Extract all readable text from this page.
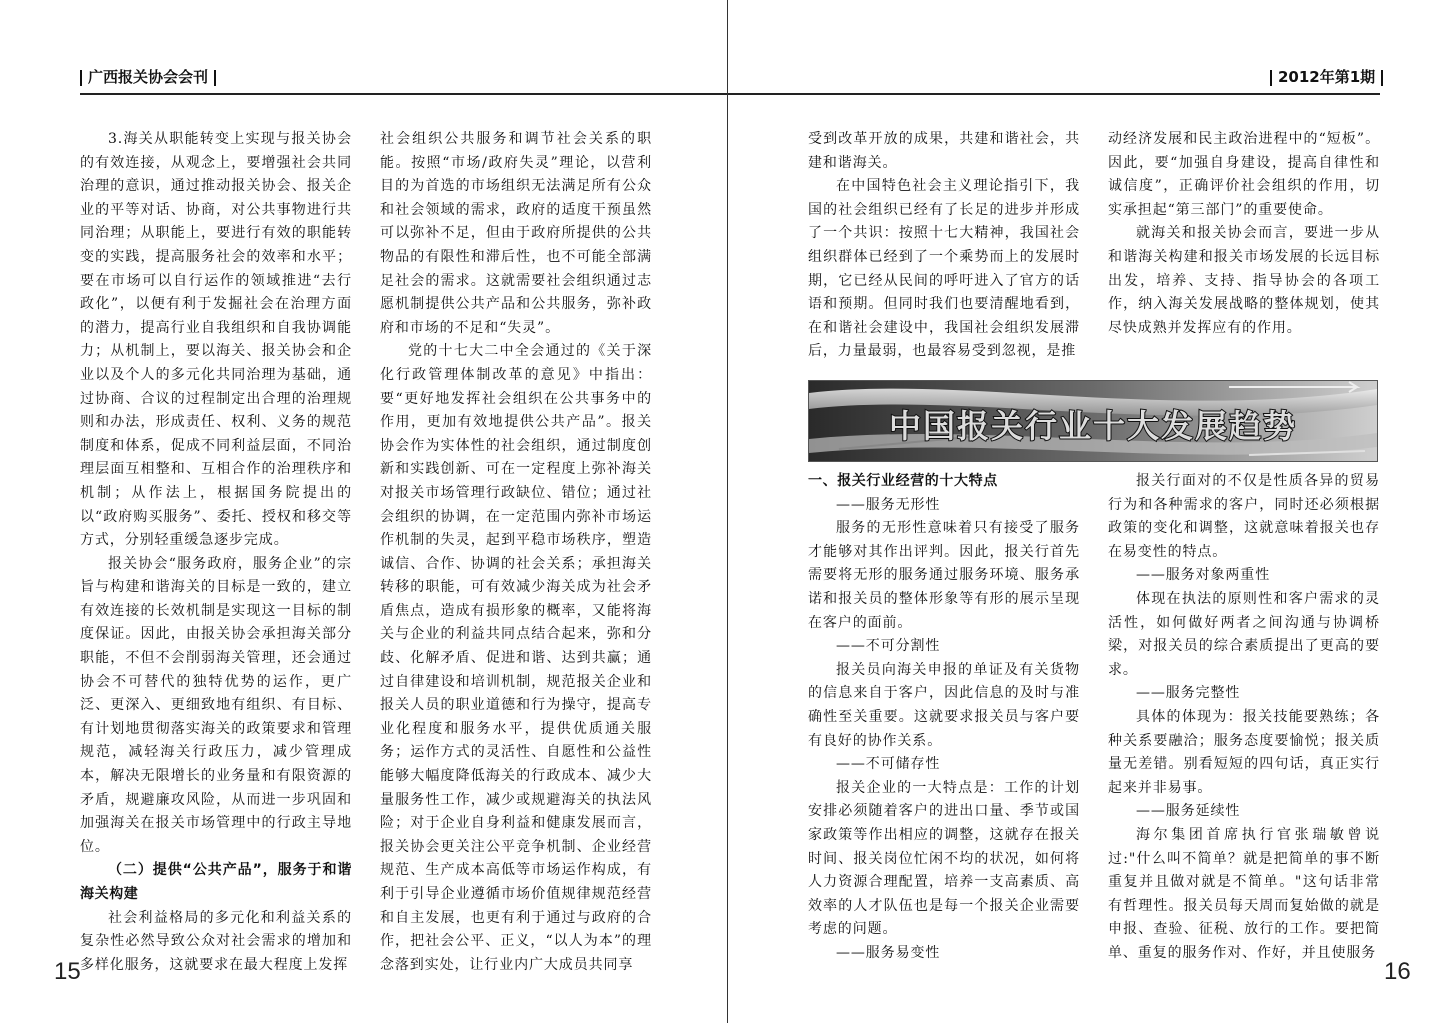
广西报关协会会刊

3.海关从职能转变上实现与报关协会的有效连接，从观念上，要增强社会共同治理的意识，通过推动报关协会、报关企业的平等对话、协商，对公共事物进行共同治理；从职能上，要进行有效的职能转变的实践，提高服务社会的效率和水平；要在市场可以自行运作的领域推进“去行政化”，以便有利于发掘社会在治理方面的潜力，提高行业自我组织和自我协调能力；从机制上，要以海关、报关协会和企业以及个人的多元化共同治理为基础，通过协商、合议的过程制定出合理的治理规则和办法，形成责任、权利、义务的规范制度和体系，促成不同利益层面，不同治理层面互相整和、互相合作的治理秩序和机制；从作法上，根据国务院提出的以“政府购买服务”、委托、授权和移交等方式，分别轻重缓急逐步完成。

报关协会“服务政府，服务企业”的宗旨与构建和谐海关的目标是一致的，建立有效连接的长效机制是实现这一目标的制度保证。因此，由报关协会承担海关部分职能，不但不会削弱海关管理，还会通过协会不可替代的独特优势的运作，更广泛、更深入、更细致地有组织、有目标、有计划地贯彻落实海关的政策要求和管理规范，减轻海关行政压力，减少管理成本，解决无限增长的业务量和有限资源的矛盾，规避廉攻风险，从而进一步巩固和加强海关在报关市场管理中的行政主导地位。

（二）提供“公共产品”，服务于和谐海关构建

社会利益格局的多元化和利益关系的复杂性必然导致公众对社会需求的增加和多样化服务，这就要求在最大程度上发挥

社会组织公共服务和调节社会关系的职能。按照“市场/政府失灵”理论，以营利目的为首选的市场组织无法满足所有公众和社会领域的需求，政府的适度干预虽然可以弥补不足，但由于政府所提供的公共物品的有限性和滞后性，也不可能全部满足社会的需求。这就需要社会组织通过志愿机制提供公共产品和公共服务，弥补政府和市场的不足和“失灵”。

党的十七大二中全会通过的《关于深化行政管理体制改革的意见》中指出：要“更好地发挥社会组织在公共事务中的作用，更加有效地提供公共产品”。报关协会作为实体性的社会组织，通过制度创新和实践创新、可在一定程度上弥补海关对报关市场管理行政缺位、错位；通过社会组织的协调，在一定范围内弥补市场运作机制的失灵，起到平稳市场秩序，塑造诚信、合作、协调的社会关系；承担海关转移的职能，可有效减少海关成为社会矛盾焦点，造成有损形象的概率，又能将海关与企业的利益共同点结合起来，弥和分歧、化解矛盾、促进和谐、达到共赢；通过自律建设和培训机制，规范报关企业和报关人员的职业道德和行为操守，提高专业化程度和服务水平，提供优质通关服务；运作方式的灵活性、自愿性和公益性能够大幅度降低海关的行政成本、减少大量服务性工作，减少或规避海关的执法风险；对于企业自身利益和健康发展而言，报关协会更关注公平竞争机制、企业经营规范、生产成本高低等市场运作构成，有利于引导企业遵循市场价值规律规范经营和自主发展，也更有利于通过与政府的合作，把社会公平、正义，“以人为本”的理念落到实处，让行业内广大成员共同享

15
2012年第1期

受到改革开放的成果，共建和谐社会，共建和谐海关。

在中国特色社会主义理论指引下，我国的社会组织已经有了长足的进步并形成了一个共识：按照十七大精神，我国社会组织群体已经到了一个乘势而上的发展时期，它已经从民间的呼吁进入了官方的话语和预期。但同时我们也要清醒地看到，在和谐社会建设中，我国社会组织发展滞后，力量最弱，也最容易受到忽视，是推

动经济发展和民主政治进程中的“短板”。因此，要“加强自身建设，提高自律性和诚信度”，正确评价社会组织的作用，切实承担起“第三部门”的重要使命。

就海关和报关协会而言，要进一步从和谐海关构建和报关市场发展的长远目标出发，培养、支持、指导协会的各项工作，纳入海关发展战略的整体规划，使其尽快成熟并发挥应有的作用。

一、报关行业经营的十大特点

——服务无形性

服务的无形性意味着只有接受了服务才能够对其作出评判。因此，报关行首先需要将无形的服务通过服务环境、服务承诺和报关员的整体形象等有形的展示呈现在客户的面前。

——不可分割性

报关员向海关申报的单证及有关货物的信息来自于客户，因此信息的及时与准确性至关重要。这就要求报关员与客户要有良好的协作关系。

——不可储存性

报关企业的一大特点是：工作的计划安排必须随着客户的进出口量、季节或国家政策等作出相应的调整，这就存在报关时间、报关岗位忙闲不均的状况，如何将人力资源合理配置，培养一支高素质、高效率的人才队伍也是每一个报关企业需要考虑的问题。

——服务易变性

报关行面对的不仅是性质各异的贸易行为和各种需求的客户，同时还必须根据政策的变化和调整，这就意味着报关也存在易变性的特点。

——服务对象两重性

体现在执法的原则性和客户需求的灵活性，如何做好两者之间沟通与协调桥梁，对报关员的综合素质提出了更高的要求。

——服务完整性

具体的体现为：报关技能要熟练；各种关系要融洽；服务态度要愉悦；报关质量无差错。别看短短的四句话，真正实行起来并非易事。

——服务延续性

海尔集团首席执行官张瑞敏曾说过:"什么叫不简单？就是把简单的事不断重复并且做对就是不简单。"这句话非常有哲理性。报关员每天周而复始做的就是申报、查验、征税、放行的工作。要把简单、重复的服务作对、作好，并且使服务

16
中国报关行业十大发展趋势
